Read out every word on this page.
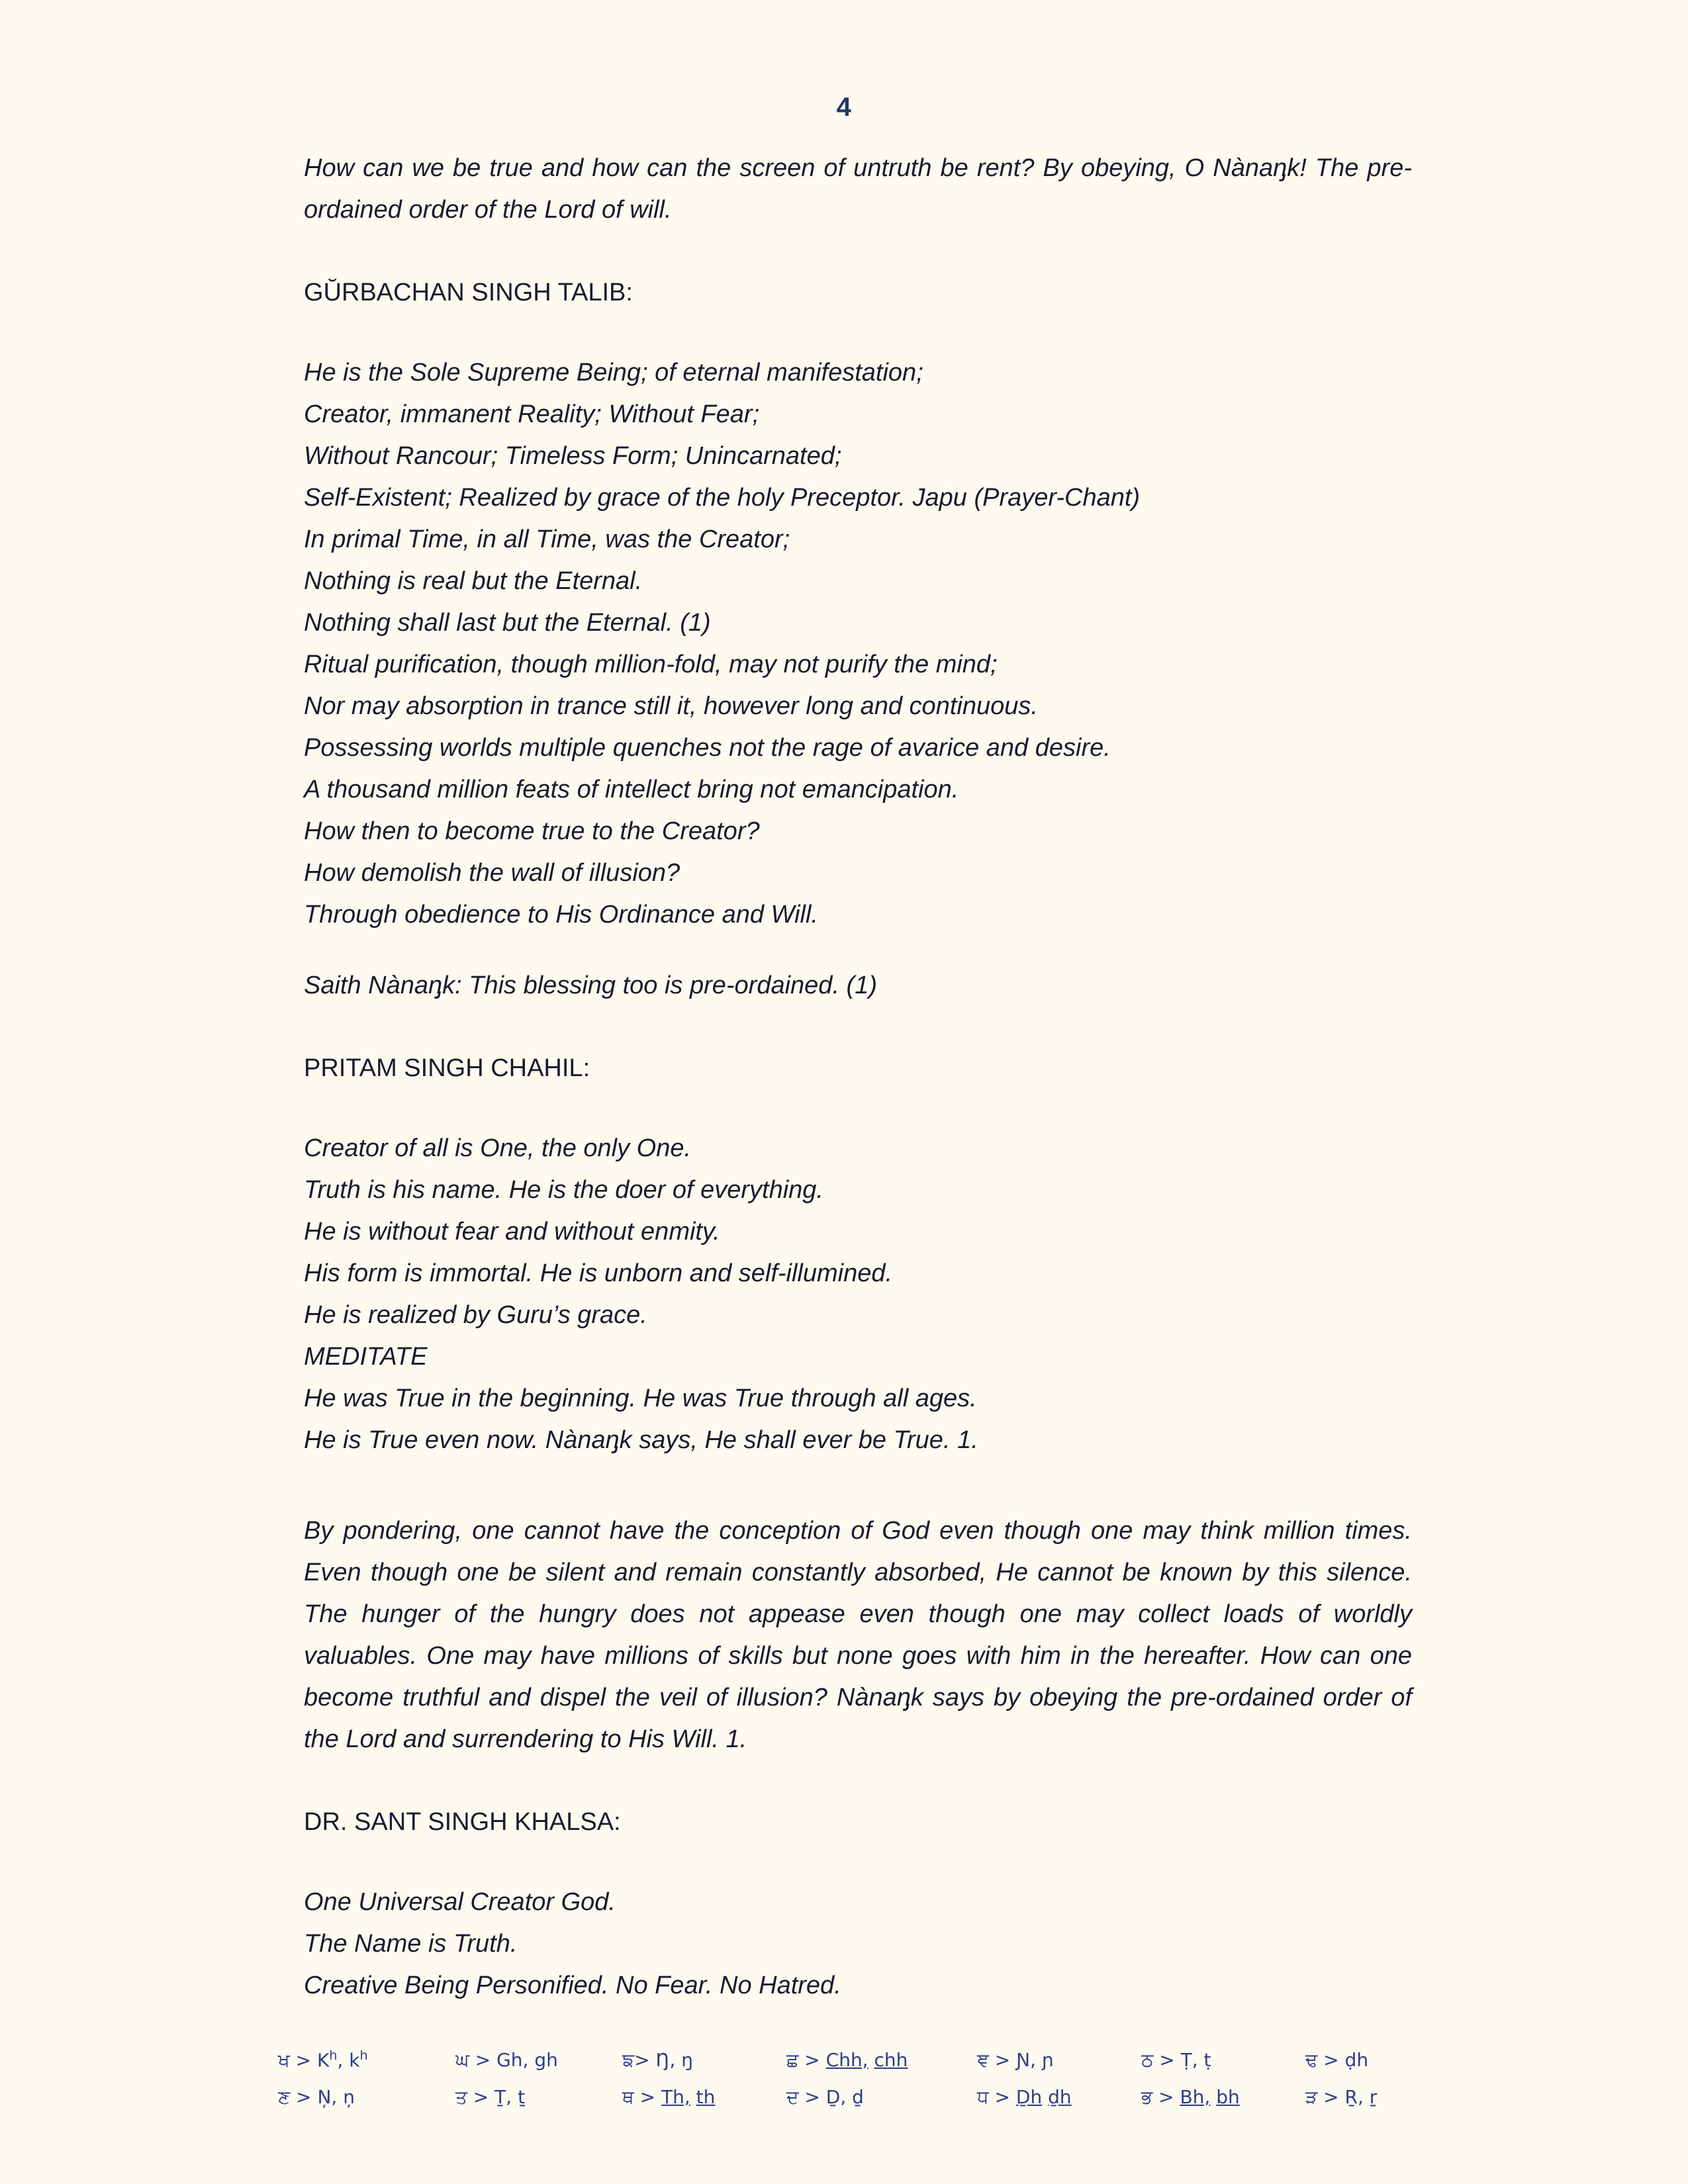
4

How can we be true and how can the screen of untruth be rent? By obeying, O Nànaᶇk! The pre-ordained order of the Lord of will.

GŬRBACHAN SINGH TALIB:

He is the Sole Supreme Being; of eternal manifestation;

Creator, immanent Reality; Without Fear;

Without Rancour; Timeless Form; Unincarnated;

Self-Existent; Realized by grace of the holy Preceptor. Japu (Prayer-Chant)

In primal Time, in all Time, was the Creator;

Nothing is real but the Eternal.

Nothing shall last but the Eternal. (1)

Ritual purification, though million-fold, may not purify the mind;

Nor may absorption in trance still it, however long and continuous.

Possessing worlds multiple quenches not the rage of avarice and desire.

A thousand million feats of intellect bring not emancipation.

How then to become true to the Creator?

How demolish the wall of illusion?

Through obedience to His Ordinance and Will.

Saith Nànaᶇk: This blessing too is pre-ordained. (1)

PRITAM SINGH CHAHIL:

Creator of all is One, the only One.

Truth is his name. He is the doer of everything.

He is without fear and without enmity.

His form is immortal. He is unborn and self-illumined.

He is realized by Guru’s grace.

MEDITATE

He was True in the beginning. He was True through all ages.

He is True even now. Nànaᶇk says, He shall ever be True. 1.

By pondering, one cannot have the conception of God even though one may think million times. Even though one be silent and remain constantly absorbed, He cannot be known by this silence. The hunger of the hungry does not appease even though one may collect loads of worldly valuables. One may have millions of skills but none goes with him in the hereafter. How can one become truthful and dispel the veil of illusion? Nànaᶇk says by obeying the pre-ordained order of the Lord and surrendering to His Will. 1.

DR. SANT SINGH KHALSA:

One Universal Creator God.

The Name is Truth.

Creative Being Personified. No Fear. No Hatred.

ਖ > $K^h$, $k^h$	ਘ > Gh, gh	ਙ> Ŋ, ŋ	ਛ > Chh, chh	ਞ > Ɲ, ɲ	ਠ > Ṭ, ṭ	ਢ > ḍh
ਣ > Ņ, ņ	ਤ > Ṯ, ṯ	ਥ > Th, th	ਦ > Ḏ, ḏ	ਧ > Ḏh ḏh	ਭ > Bh, bh	ੜ > Ṟ, ṟ
